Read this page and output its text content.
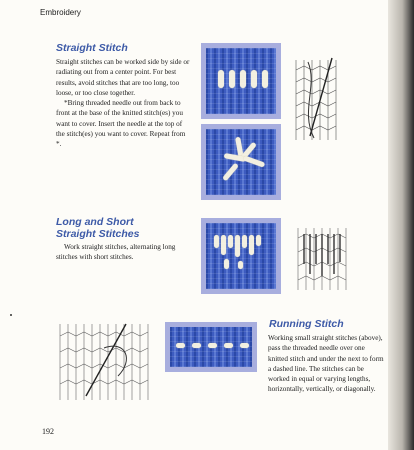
Embroidery
Straight Stitch

Straight stitches can be worked side by side or radiating out from a center point. For best results, avoid stitches that are too long, too loose, or too close together.

*Bring threaded needle out from back to front at the base of the knitted stitch(es) you want to cover. Insert the needle at the top of the stitch(es) you want to cover. Repeat from *.

Long and Short
Straight Stitches

Work straight stitches, alternating long stitches with short stitches.

Running Stitch

Working small straight stitches (above), pass the threaded needle over one knitted stitch and under the next to form a dashed line. The stitches can be worked in equal or varying lengths, horizontally, vertically, or diagonally.

192
